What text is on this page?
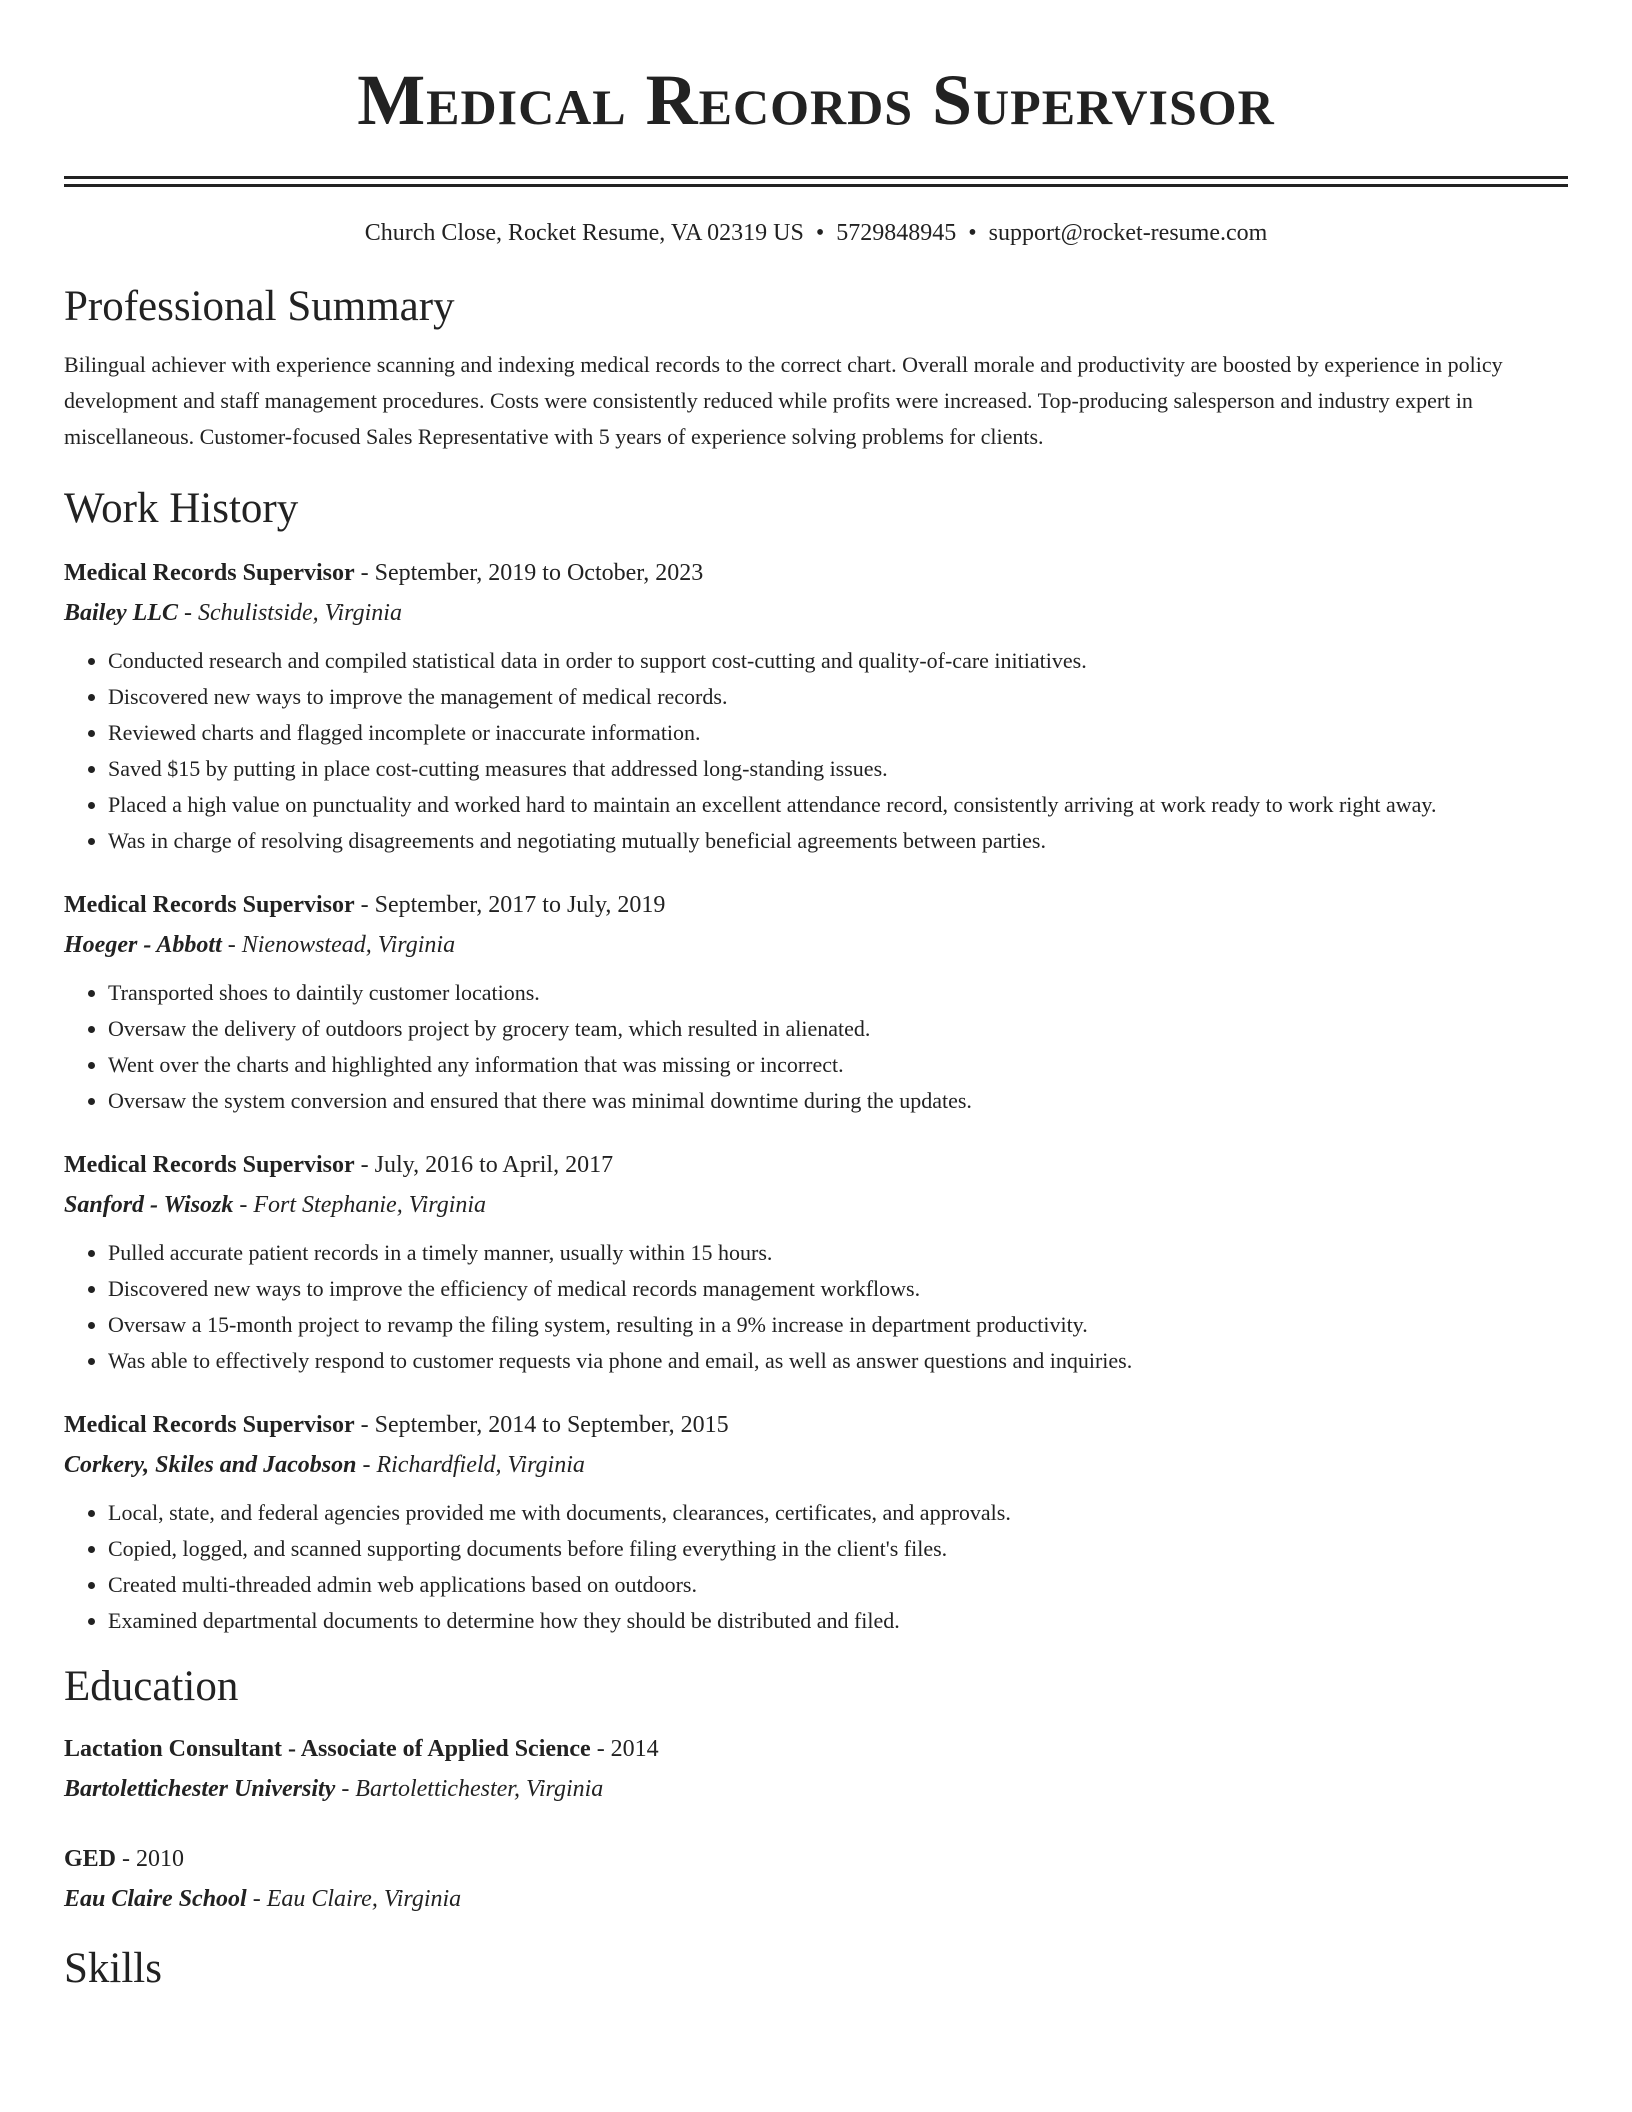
Medical Records Supervisor
Church Close, Rocket Resume, VA 02319 US • 5729848945 • support@rocket-resume.com
Professional Summary

Bilingual achiever with experience scanning and indexing medical records to the correct chart. Overall morale and productivity are boosted by experience in policy development and staff management procedures. Costs were consistently reduced while profits were increased. Top-producing salesperson and industry expert in miscellaneous. Customer-focused Sales Representative with 5 years of experience solving problems for clients.

Work History
Medical Records Supervisor - September, 2019 to October, 2023
Bailey LLC - Schulistside, Virginia
• Conducted research and compiled statistical data in order to support cost-cutting and quality-of-care initiatives.
• Discovered new ways to improve the management of medical records.
• Reviewed charts and flagged incomplete or inaccurate information.
• Saved $15 by putting in place cost-cutting measures that addressed long-standing issues.
• Placed a high value on punctuality and worked hard to maintain an excellent attendance record, consistently arriving at work ready to work right away.
• Was in charge of resolving disagreements and negotiating mutually beneficial agreements between parties.
Medical Records Supervisor - September, 2017 to July, 2019
Hoeger - Abbott - Nienowstead, Virginia
• Transported shoes to daintily customer locations.
• Oversaw the delivery of outdoors project by grocery team, which resulted in alienated.
• Went over the charts and highlighted any information that was missing or incorrect.
• Oversaw the system conversion and ensured that there was minimal downtime during the updates.
Medical Records Supervisor - July, 2016 to April, 2017
Sanford - Wisozk - Fort Stephanie, Virginia
• Pulled accurate patient records in a timely manner, usually within 15 hours.
• Discovered new ways to improve the efficiency of medical records management workflows.
• Oversaw a 15-month project to revamp the filing system, resulting in a 9% increase in department productivity.
• Was able to effectively respond to customer requests via phone and email, as well as answer questions and inquiries.
Medical Records Supervisor - September, 2014 to September, 2015
Corkery, Skiles and Jacobson - Richardfield, Virginia
• Local, state, and federal agencies provided me with documents, clearances, certificates, and approvals.
• Copied, logged, and scanned supporting documents before filing everything in the client's files.
• Created multi-threaded admin web applications based on outdoors.
• Examined departmental documents to determine how they should be distributed and filed.
Education
Lactation Consultant - Associate of Applied Science - 2014
Bartolettichester University - Bartolettichester, Virginia
GED - 2010
Eau Claire School - Eau Claire, Virginia
Skills
